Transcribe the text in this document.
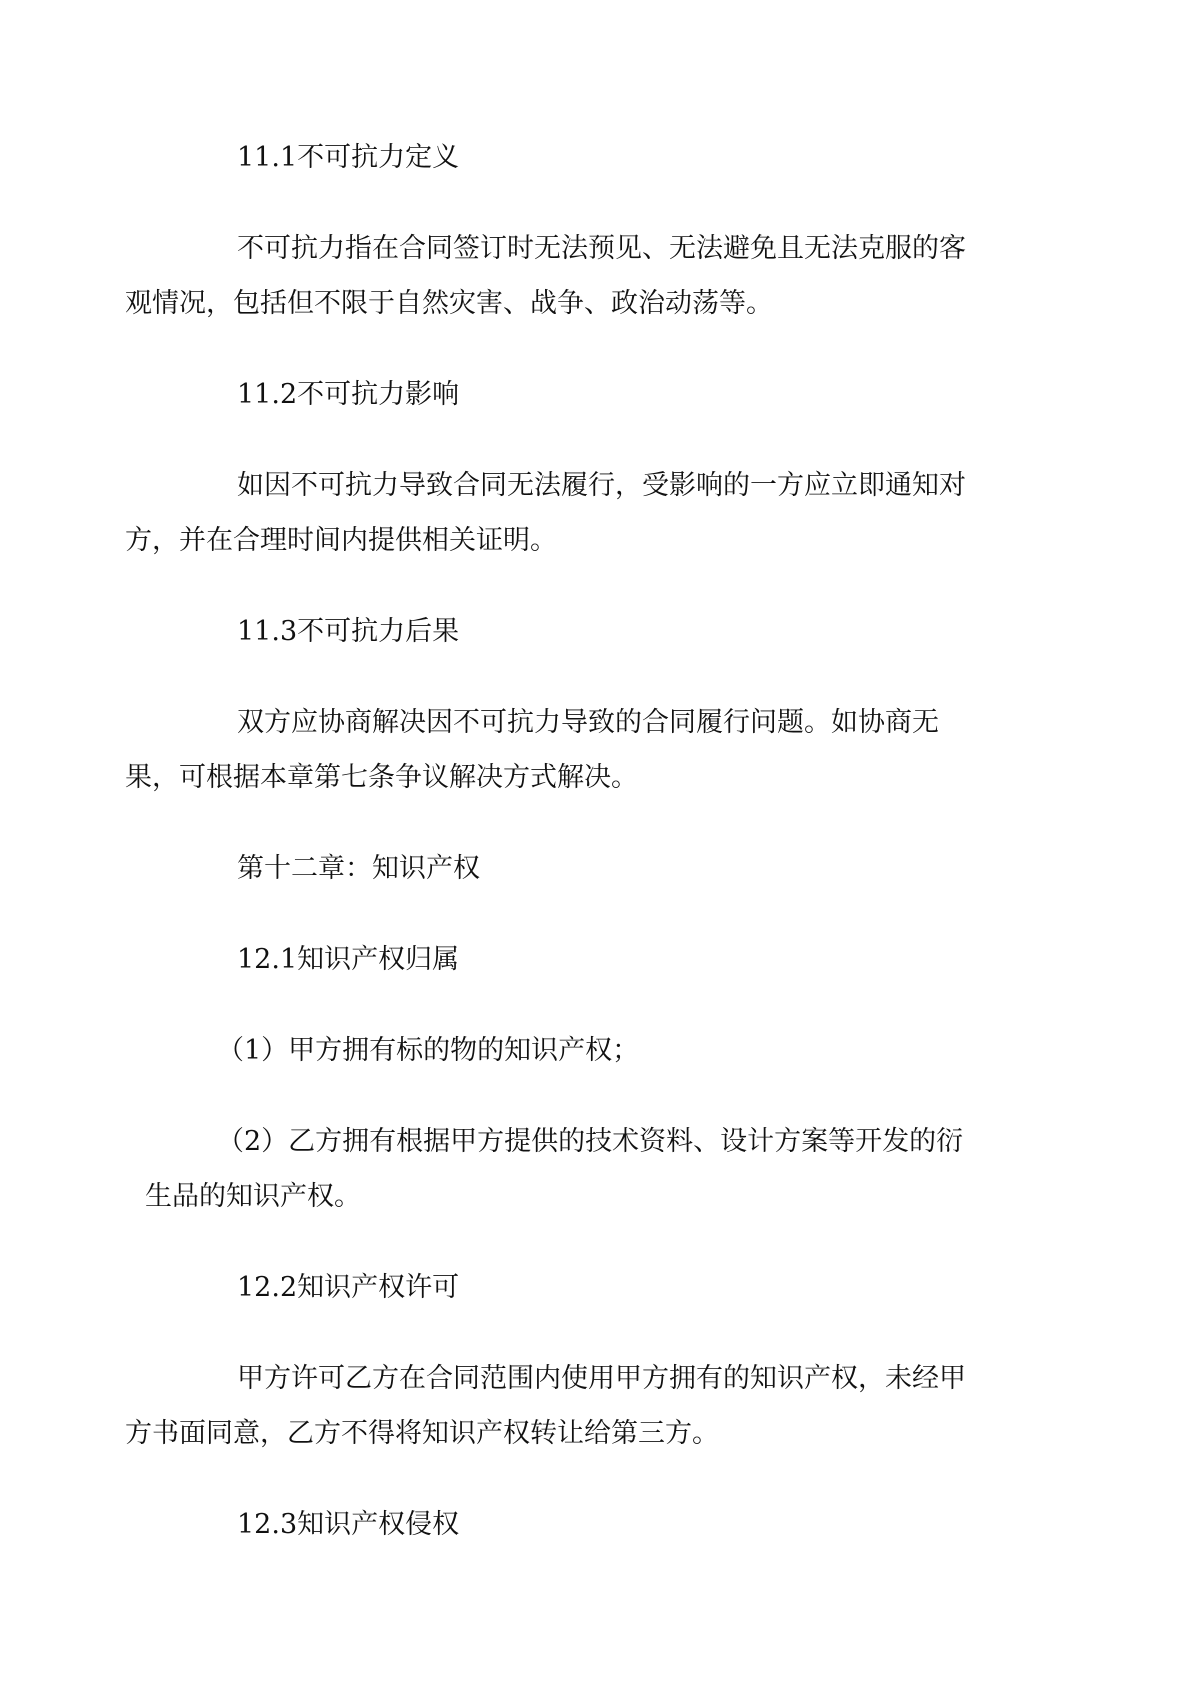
11.1不可抗力定义

不可抗力指在合同签订时无法预见、无法避免且无法克服的客
观情况，包括但不限于自然灾害、战争、政治动荡等。

11.2不可抗力影响

如因不可抗力导致合同无法履行，受影响的一方应立即通知对
方，并在合理时间内提供相关证明。

11.3不可抗力后果

双方应协商解决因不可抗力导致的合同履行问题。如协商无
果，可根据本章第七条争议解决方式解决。

第十二章：知识产权

12.1知识产权归属

（1）甲方拥有标的物的知识产权；

（2）乙方拥有根据甲方提供的技术资料、设计方案等开发的衍
生品的知识产权。

12.2知识产权许可

甲方许可乙方在合同范围内使用甲方拥有的知识产权，未经甲
方书面同意，乙方不得将知识产权转让给第三方。

12.3知识产权侵权
